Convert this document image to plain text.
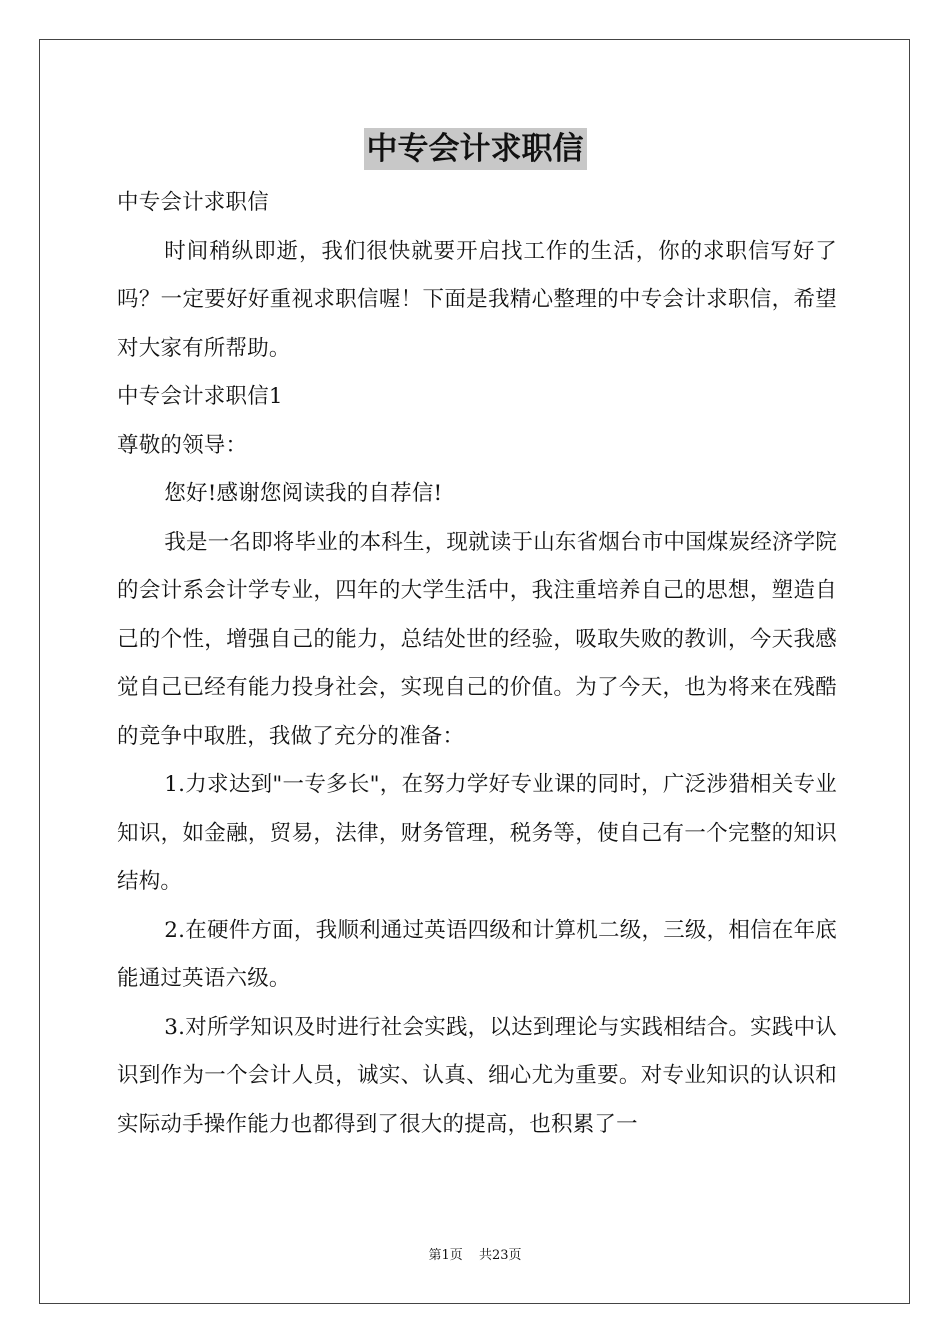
中专会计求职信
中专会计求职信

时间稍纵即逝，我们很快就要开启找工作的生活，你的求职信写好了吗？一定要好好重视求职信喔！下面是我精心整理的中专会计求职信，希望对大家有所帮助。

中专会计求职信1
尊敬的领导：

您好!感谢您阅读我的自荐信!

我是一名即将毕业的本科生，现就读于山东省烟台市中国煤炭经济学院的会计系会计学专业，四年的大学生活中，我注重培养自己的思想，塑造自己的个性，增强自己的能力，总结处世的经验，吸取失败的教训，今天我感觉自己已经有能力投身社会，实现自己的价值。为了今天，也为将来在残酷的竞争中取胜，我做了充分的准备：

1.力求达到"一专多长"，在努力学好专业课的同时，广泛涉猎相关专业知识，如金融，贸易，法律，财务管理，税务等，使自己有一个完整的知识结构。

2.在硬件方面，我顺利通过英语四级和计算机二级，三级，相信在年底能通过英语六级。

3.对所学知识及时进行社会实践，以达到理论与实践相结合。实践中认识到作为一个会计人员，诚实、认真、细心尤为重要。对专业知识的认识和实际动手操作能力也都得到了很大的提高，也积累了一

第1页 共23页
